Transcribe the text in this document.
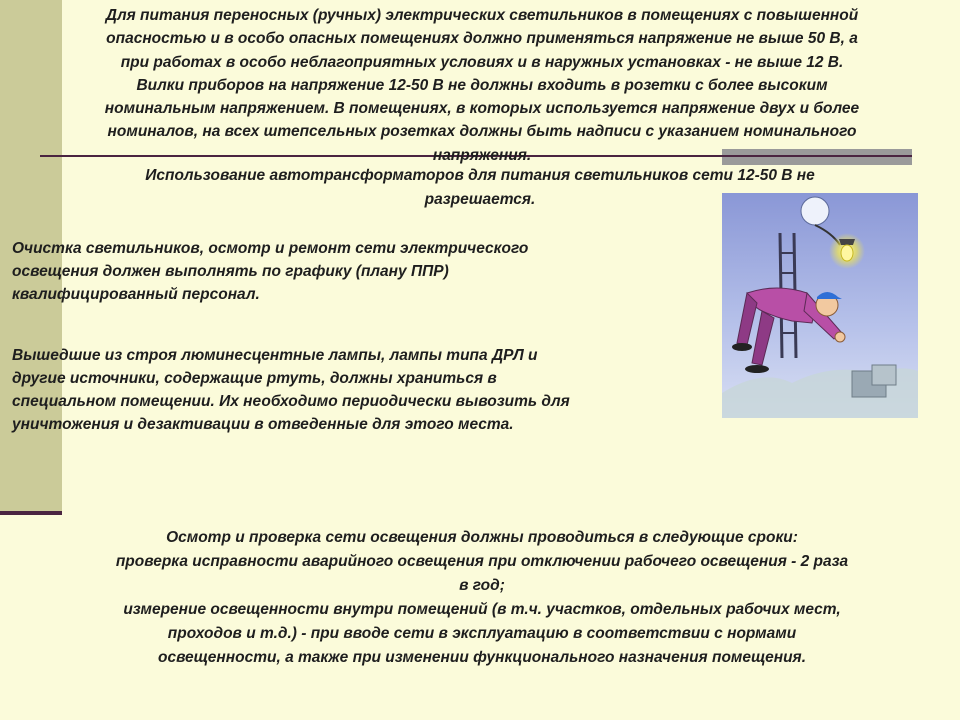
Для питания переносных (ручных) электрических светильников в помещениях с повышенной
опасностью и в особо опасных помещениях должно применяться напряжение не выше 50 В, а
при работах в особо неблагоприятных условиях и в наружных установках - не выше 12 В.
Вилки приборов на напряжение 12-50 В не должны входить в розетки с более высоким
номинальным напряжением. В помещениях, в которых используется напряжение двух и более
номиналов, на всех штепсельных розетках должны быть надписи с указанием номинального
напряжения.

Использование автотрансформаторов для питания светильников сети 12-50 В не
разрешается.

Очистка светильников, осмотр и ремонт сети электрического
освещения должен выполнять по графику (плану ППР)
квалифицированный персонал.

Вышедшие из строя люминесцентные лампы, лампы типа ДРЛ и
другие источники, содержащие ртуть, должны храниться в
специальном помещении. Их необходимо периодически вывозить для
уничтожения и дезактивации в отведенные для этого места.

Осмотр и проверка сети освещения должны проводиться в следующие сроки:
проверка исправности аварийного освещения при отключении рабочего освещения - 2 раза
в год;
измерение освещенности внутри помещений (в т.ч. участков, отдельных рабочих мест,
проходов и т.д.) - при вводе сети в эксплуатацию в соответствии с нормами
освещенности, а также при изменении функционального назначения помещения.
